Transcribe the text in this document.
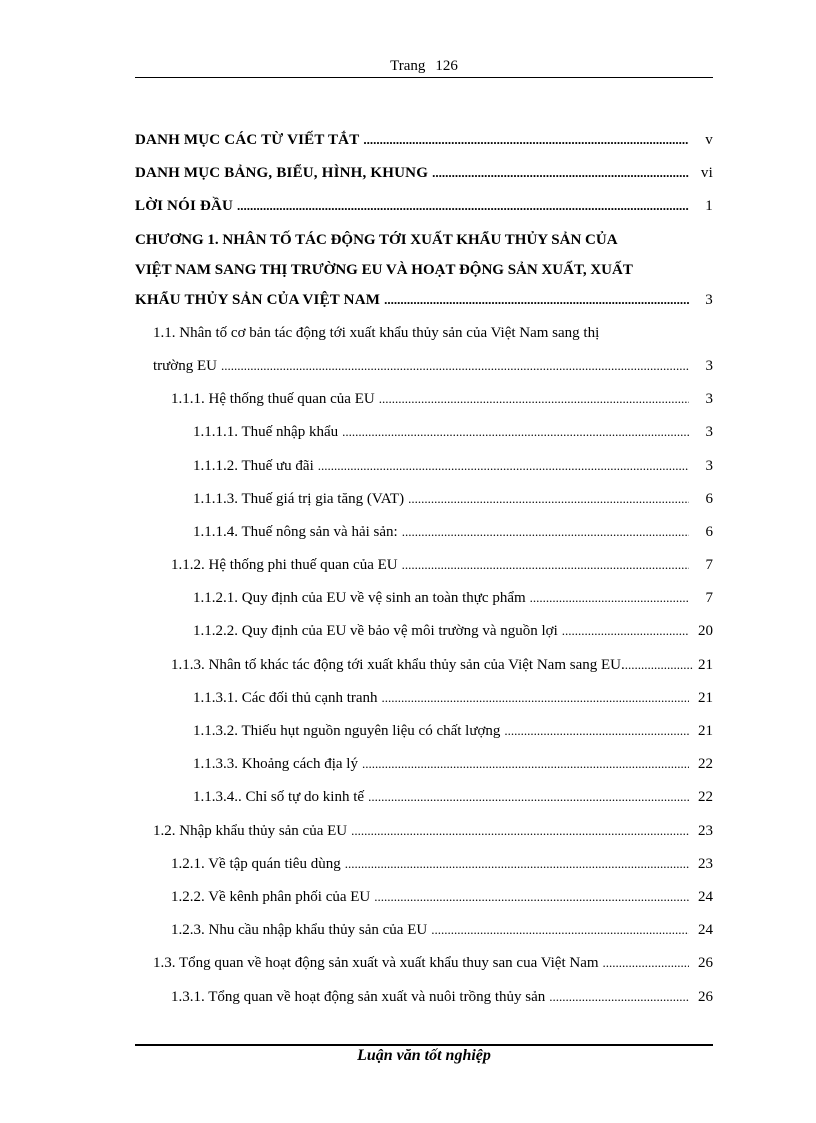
Trang 126
DANH MỤC CÁC TỪ VIẾT TẮT .....	v
DANH MỤC BẢNG, BIỂU, HÌNH, KHUNG .....	vi
LỜI NÓI ĐẦU .....	1
CHƯƠNG 1. NHÂN TỐ TÁC ĐỘNG TỚI XUẤT KHẨU THỦY SẢN CỦA
VIỆT NAM SANG THỊ TRƯỜNG EU VÀ HOẠT ĐỘNG SẢN XUẤT, XUẤT
KHẨU THỦY SẢN CỦA VIỆT NAM .....	3
1.1. Nhân tố cơ bản tác động tới xuất khẩu thủy sản của Việt Nam sang thị
trường EU .....	3
1.1.1. Hệ thống thuế quan của EU .....	3
1.1.1.1. Thuế nhập khẩu .....	3
1.1.1.2. Thuế ưu đãi .....	3
1.1.1.3. Thuế giá trị gia tăng (VAT) .....	6
1.1.1.4. Thuế nông sản và hải sản: .....	6
1.1.2. Hệ thống phi thuế quan của EU .....	7
1.1.2.1. Quy định của EU về vệ sinh an toàn thực phẩm .....	7
1.1.2.2. Quy định của EU về bảo vệ môi trường và nguồn lợi .....	20
1.1.3. Nhân tố khác tác động tới xuất khẩu thủy sản của Việt Nam sang EU. .....	21
1.1.3.1. Các đối thủ cạnh tranh .....	21
1.1.3.2. Thiếu hụt nguồn nguyên liệu có chất lượng .....	21
1.1.3.3. Khoảng cách địa lý .....	22
1.1.3.4.. Chỉ số tự do kinh tế .....	22
1.2. Nhập khẩu thủy sản của EU .....	23
1.2.1. Về tập quán tiêu dùng .....	23
1.2.2. Về kênh phân phối của EU .....	24
1.2.3. Nhu cầu nhập khẩu thủy sản của EU .....	24
1.3. Tổng quan về hoạt động sản xuất và xuất khẩu thuy san cua Việt Nam .....	26
1.3.1. Tổng quan về hoạt động sản xuất và nuôi trồng thủy sản .....	26
Luận văn tốt nghiệp
